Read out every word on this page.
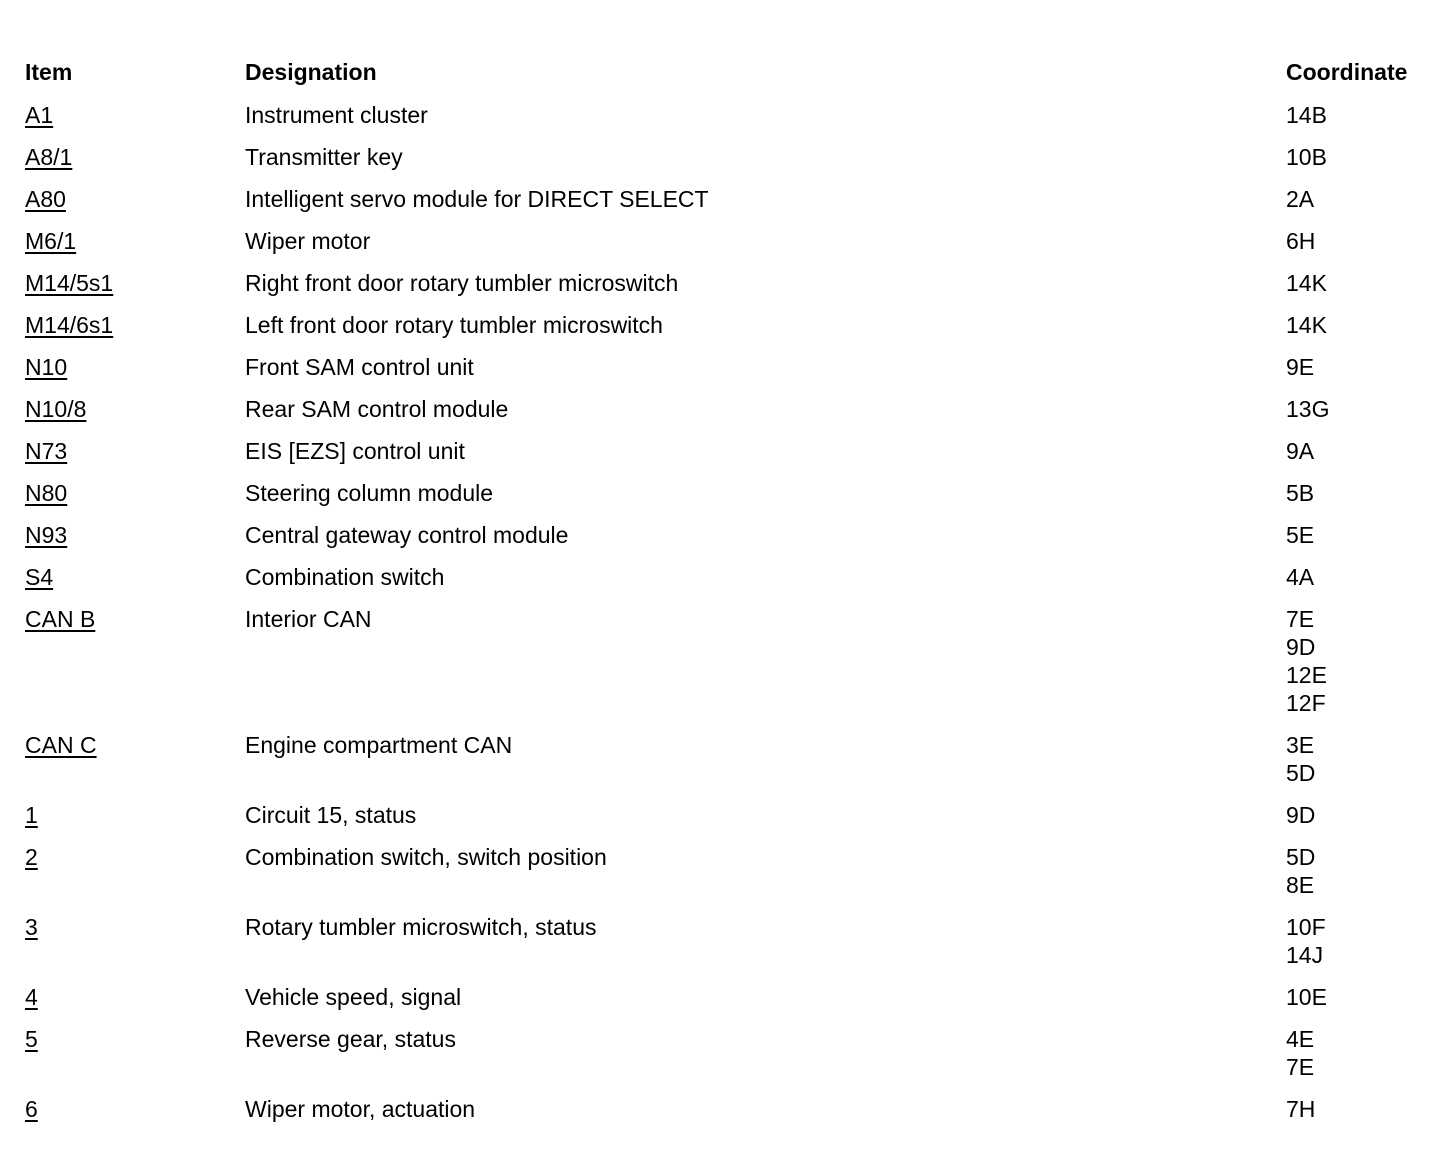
Item	Designation	Coordinate
A1	Instrument cluster	14B
A8/1	Transmitter key	10B
A80	Intelligent servo module for DIRECT SELECT	2A
M6/1	Wiper motor	6H
M14/5s1	Right front door rotary tumbler microswitch	14K
M14/6s1	Left front door rotary tumbler microswitch	14K
N10	Front SAM control unit	9E
N10/8	Rear SAM control module	13G
N73	EIS [EZS] control unit	9A
N80	Steering column module	5B
N93	Central gateway control module	5E
S4	Combination switch	4A
CAN B	Interior CAN	7E
9D
12E
12F
CAN C	Engine compartment CAN	3E
5D
1	Circuit 15, status	9D
2	Combination switch, switch position	5D
8E
3	Rotary tumbler microswitch, status	10F
14J
4	Vehicle speed, signal	10E
5	Reverse gear, status	4E
7E
6	Wiper motor, actuation	7H
